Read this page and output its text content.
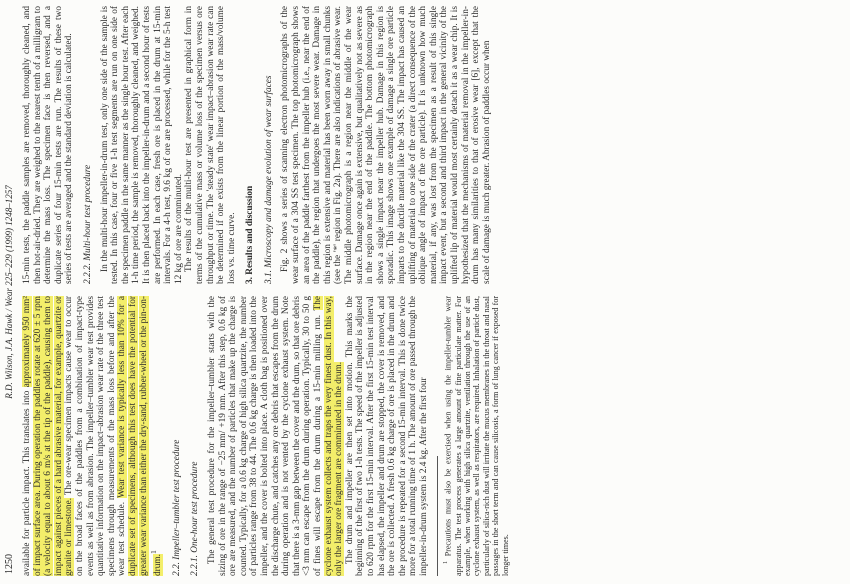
1250
R.D. Wilson, J.A. Hawk / Wear 225–229 (1999) 1248–1257

available for particle impact. This translates into approximately 950 mm² of impact surface area. During operation the paddles rotate at 620 ± 5 rpm (a velocity equal to about 6 m/s at the tip of the paddle), causing them to impact against pieces of a hard abrasive material, for example, quartzite or granite or limestone. The ore-wear specimen impacts cause wear to occur on the broad faces of the paddles from a combination of impact-type events as well as from abrasion. The impeller–tumbler wear test provides quantitative information on the impact–abrasion wear rate of the three test specimens through measurements of the mass loss before and after the wear test schedule. Wear test variance is typically less than 10% for a duplicate set of specimens, although this test does have the potential for greater wear variance than either the dry-sand, rubber-wheel or the pin-on-drum.$^1$	2.2. Impeller–tumbler test procedure 2.2.1. One-hour test procedure The general test procedure for the impeller–tumbler starts with the sizing of ore in the range of −25 mm/ +19 mm. After this step, 0.6 kg of ore are measured, and the number of particles that make up the charge is counted. Typically, for a 0.6 kg charge of high silica quartzite, the number of particles range from 38 to 44. The 0.6 kg charge is then loaded into the impeller, and the cover is bolted into place. A cloth bag is positioned over the discharge chute, and catches any ore debris that escapes from the drum during operation and is not vented by the cyclone exhaust system. Note that there is a 3-mm gap between the cover and the drum, so that ore debris <3 mm can escape from the drum during operation. Typically, 30 to 50 g of fines will escape from the drum during a 15-min milling run. The cyclone exhaust system collects and traps the very finest dust. In this way, only the larger ore fragment are comminuted in the drum. The drum and impeller are then set into motion. This marks the beginning of the first of two 1-h tests. The speed of the impeller is adjusted to 620 rpm for the first 15-min interval. After the first 15-min test interval has elapsed, the impeller and drum are stopped, the cover is removed, and the ore is collected. A fresh 0.6 kg charge of ore is placed in the drum and the procedure is repeated for a second 15-min interval. This is done twice more for a total running time of 1 h. The amount of ore passed through the impeller-in-drum system is 2.4 kg. After the first four $^1$ Precautions must also be exercised when using the impeller-tumbler wear apparatus. The test process generates a large amount of fine particulate matter. For example, when working with high silica quartzite, ventilation through the use of an cyclone exhaust system, as well as respirators, are required. Inhalation of particle dust, particularly of silica-rich dust will irritate the mucus membranes in the throat and nasal passages in the short term and can cause silicosis, a form of lung cancer if exposed for longer times.

15-min tests, the paddle samples are removed, thoroughly cleaned, and then hot-air-dried. They are weighed to the nearest tenth of a milligram to determine the mass loss. The specimen face is then reversed, and a duplicate series of four 15-min tests are run. The results of these two series of tests are averaged and the standard deviation is calculated. 2.2.2. Multi-hour test procedure In the multi-hour impeller-in-drum test, only one side of the sample is tested. In this case, four or five 1-h test segments are run on one side of the specimen paddle in the same manner as the single hour test. After each 1-h time period, the sample is removed, thoroughly cleaned, and weighed. It is then placed back into the impeller-in-drum and a second hour of tests are performed. In each case, fresh ore is placed in the drum at 15-min intervals. For a 4-h test, 9.6 kg of ore are processed, while for the 5-h test 12 kg of ore are comminuted. The results of the multi-hour test are presented in graphical form in terms of the cumulative mass or volume loss of the specimen versus ore throughput or time. The 'steady state' wear impact–abrasion wear rate can be determined if one exists from the linear portion of the mass/volume loss vs. time curve. 3. Results and discussion 3.1. Microscopy and damage evolution of wear surfaces Fig. 2 shows a series of scanning electron photomicrographs of the wear surface of a 304 SS test specimen. The top photomicrograph shows an area of the paddle farthest from the impeller hub (i.e., near the end of the paddle), the region that undergoes the most severe wear. Damage in this region is extensive and material has been worn away in small chunks (see the '*' region in Fig. 2a). There are also indications of abrasive wear. The middle photomicrograph is a region near the middle of the wear surface. Damage once again is extensive, but qualitatively not as severe as in the region near the end of the paddle. The bottom photomicrograph shows a single impact near the impeller hub. Damage in this region is sporadic. This image shows one example of damage a single ore particle imparts to the ductile material like the 304 SS. The impact has caused an uplifting of material to one side of the crater (a direct consequence of the oblique angle of impact of the ore particle). It is unknown how much material, if any, was lost from the specimen as a result of this single impact event, but a second and third impact in the general vicinity of the uplifted lip of material would most certainly detach it as a wear chip. It is hypothesized that the mechanisms of material removal in the impeller-in-drum has many similarities to that of erosive wear [6], except that the scale of damage is much greater. Abrasion of paddles occur when
